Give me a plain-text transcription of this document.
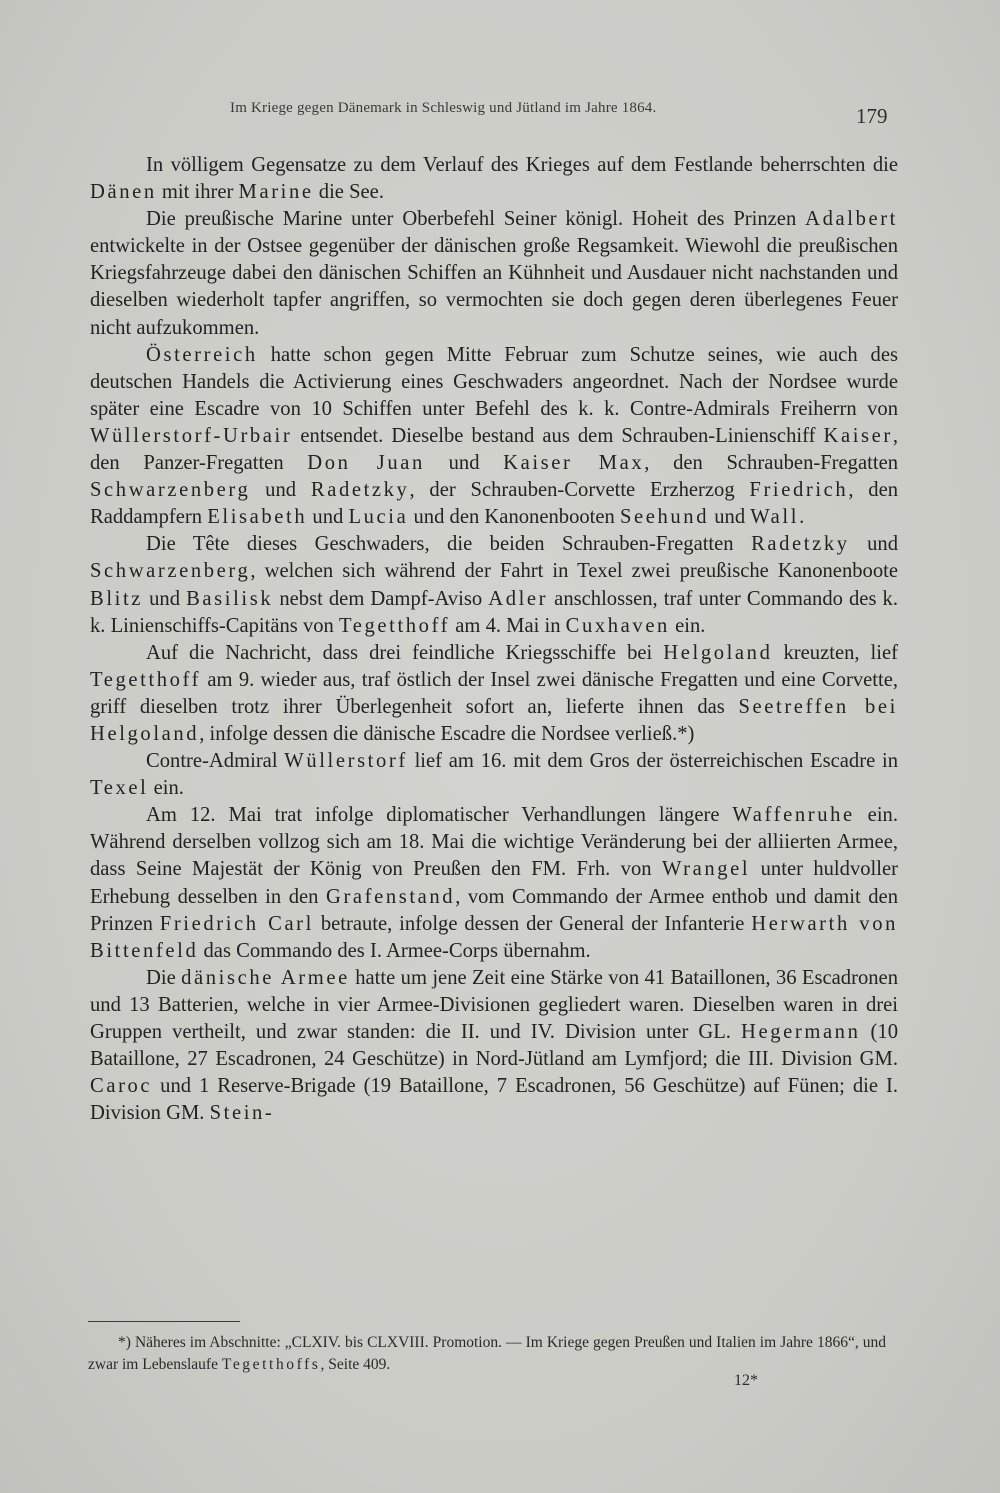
Im Kriege gegen Dänemark in Schleswig und Jütland im Jahre 1864.	179

In völligem Gegensatze zu dem Verlauf des Krieges auf dem Festlande beherrschten die Dänen mit ihrer Marine die See.

Die preußische Marine unter Oberbefehl Seiner königl. Hoheit des Prinzen Adalbert entwickelte in der Ostsee gegenüber der dänischen große Regsamkeit. Wiewohl die preußischen Kriegsfahrzeuge dabei den dänischen Schiffen an Kühnheit und Ausdauer nicht nachstanden und dieselben wiederholt tapfer angriffen, so vermochten sie doch gegen deren überlegenes Feuer nicht aufzukommen.

Österreich hatte schon gegen Mitte Februar zum Schutze seines, wie auch des deutschen Handels die Activierung eines Geschwaders angeordnet. Nach der Nordsee wurde später eine Escadre von 10 Schiffen unter Befehl des k. k. Contre-Admirals Freiherrn von Wüllerstorf-Urbair entsendet. Dieselbe bestand aus dem Schrauben-Linienschiff Kaiser, den Panzer-Fregatten Don Juan und Kaiser Max, den Schrauben-Fregatten Schwarzenberg und Radetzky, der Schrauben-Corvette Erzherzog Friedrich, den Raddampfern Elisabeth und Lucia und den Kanonenbooten Seehund und Wall.

Die Tête dieses Geschwaders, die beiden Schrauben-Fregatten Radetzky und Schwarzenberg, welchen sich während der Fahrt in Texel zwei preußische Kanonenboote Blitz und Basilisk nebst dem Dampf-Aviso Adler anschlossen, traf unter Commando des k. k. Linienschiffs-Capitäns von Tegetthoff am 4. Mai in Cuxhaven ein.

Auf die Nachricht, dass drei feindliche Kriegsschiffe bei Helgoland kreuzten, lief Tegetthoff am 9. wieder aus, traf östlich der Insel zwei dänische Fregatten und eine Corvette, griff dieselben trotz ihrer Überlegenheit sofort an, lieferte ihnen das Seetreffen bei Helgoland, infolge dessen die dänische Escadre die Nordsee verließ.*)

Contre-Admiral Wüllerstorf lief am 16. mit dem Gros der österreichischen Escadre in Texel ein.

Am 12. Mai trat infolge diplomatischer Verhandlungen längere Waffenruhe ein. Während derselben vollzog sich am 18. Mai die wichtige Veränderung bei der alliierten Armee, dass Seine Majestät der König von Preußen den FM. Frh. von Wrangel unter huldvoller Erhebung desselben in den Grafenstand, vom Commando der Armee enthob und damit den Prinzen Friedrich Carl betraute, infolge dessen der General der Infanterie Herwarth von Bittenfeld das Commando des I. Armee-Corps übernahm.

Die dänische Armee hatte um jene Zeit eine Stärke von 41 Bataillonen, 36 Escadronen und 13 Batterien, welche in vier Armee-Divisionen gegliedert waren. Dieselben waren in drei Gruppen vertheilt, und zwar standen: die II. und IV. Division unter GL. Hegermann (10 Bataillone, 27 Escadronen, 24 Geschütze) in Nord-Jütland am Lymfjord; die III. Division GM. Caroc und 1 Reserve-Brigade (19 Bataillone, 7 Escadronen, 56 Geschütze) auf Fünen; die I. Division GM. Stein-

*) Näheres im Abschnitte: „CLXIV. bis CLXVIII. Promotion. — Im Kriege gegen Preußen und Italien im Jahre 1866“, und zwar im Lebenslaufe Tegetthoffs, Seite 409.

12*
